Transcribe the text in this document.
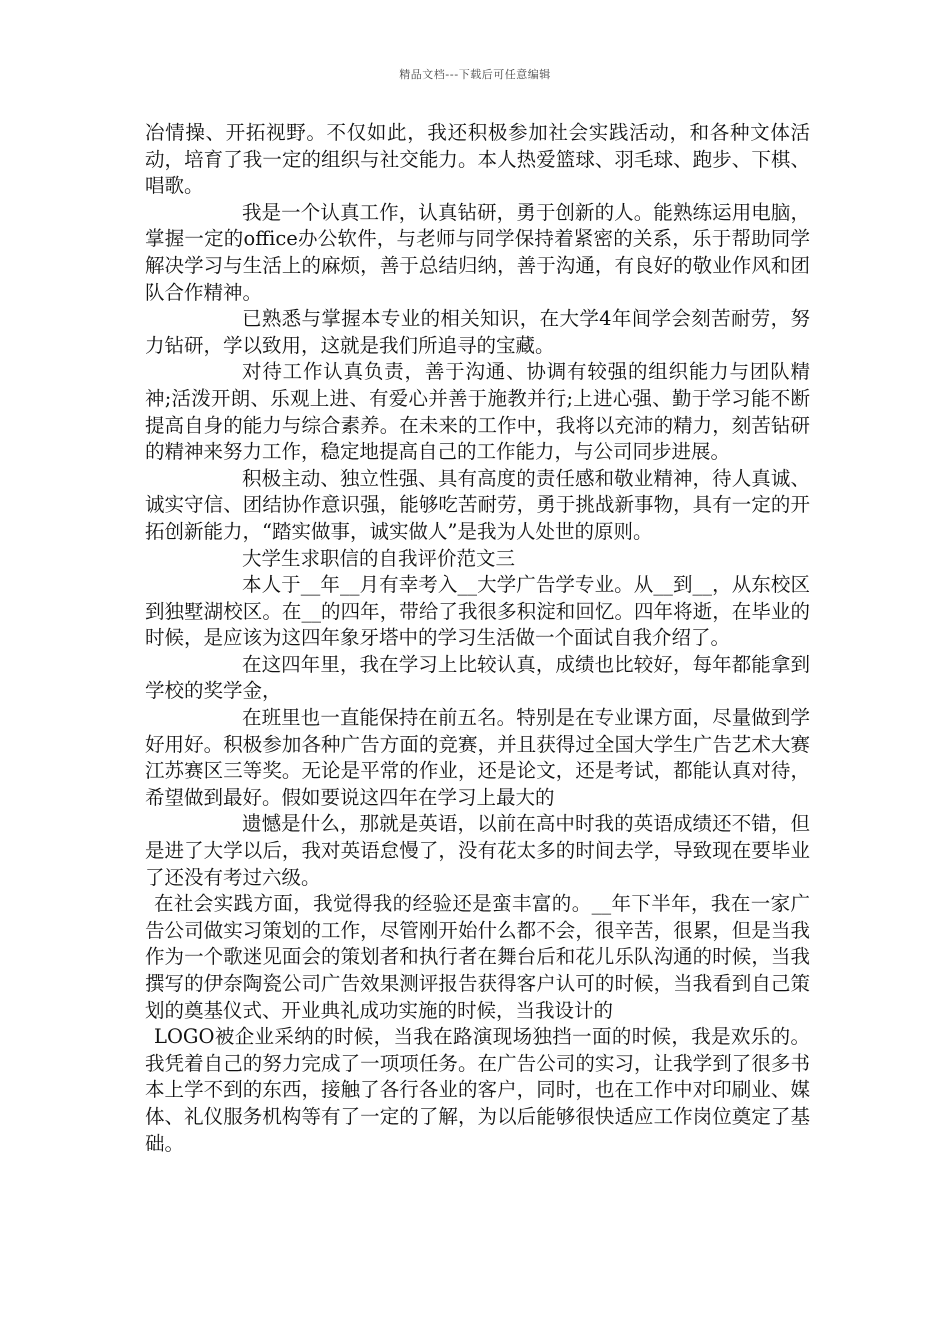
精品文档---下载后可任意编辑

冶情操、开拓视野。不仅如此，我还积极参加社会实践活动，和各种文体活动，培育了我一定的组织与社交能力。本人热爱篮球、羽毛球、跑步、下棋、唱歌。

我是一个认真工作，认真钻研，勇于创新的人。能熟练运用电脑，掌握一定的office办公软件，与老师与同学保持着紧密的关系，乐于帮助同学解决学习与生活上的麻烦，善于总结归纳，善于沟通，有良好的敬业作风和团队合作精神。

已熟悉与掌握本专业的相关知识，在大学4年间学会刻苦耐劳，努力钻研，学以致用，这就是我们所追寻的宝藏。

对待工作认真负责，善于沟通、协调有较强的组织能力与团队精神;活泼开朗、乐观上进、有爱心并善于施教并行;上进心强、勤于学习能不断提高自身的能力与综合素养。在未来的工作中，我将以充沛的精力，刻苦钻研的精神来努力工作，稳定地提高自己的工作能力，与公司同步进展。

积极主动、独立性强、具有高度的责任感和敬业精神，待人真诚、诚实守信、团结协作意识强，能够吃苦耐劳，勇于挑战新事物，具有一定的开拓创新能力，“踏实做事，诚实做人”是我为人处世的原则。

大学生求职信的自我评价范文三

本人于__年__月有幸考入__大学广告学专业。从__到__，从东校区到独墅湖校区。在__的四年，带给了我很多积淀和回忆。四年将逝，在毕业的时候，是应该为这四年象牙塔中的学习生活做一个面试自我介绍了。

在这四年里，我在学习上比较认真，成绩也比较好，每年都能拿到学校的奖学金，

在班里也一直能保持在前五名。特别是在专业课方面，尽量做到学好用好。积极参加各种广告方面的竞赛，并且获得过全国大学生广告艺术大赛江苏赛区三等奖。无论是平常的作业，还是论文，还是考试，都能认真对待，希望做到最好。假如要说这四年在学习上最大的

遗憾是什么，那就是英语，以前在高中时我的英语成绩还不错，但是进了大学以后，我对英语怠慢了，没有花太多的时间去学，导致现在要毕业了还没有考过六级。

在社会实践方面，我觉得我的经验还是蛮丰富的。__年下半年，我在一家广告公司做实习策划的工作，尽管刚开始什么都不会，很辛苦，很累，但是当我作为一个歌迷见面会的策划者和执行者在舞台后和花儿乐队沟通的时候，当我撰写的伊奈陶瓷公司广告效果测评报告获得客户认可的时候，当我看到自己策划的奠基仪式、开业典礼成功实施的时候，当我设计的

LOGO被企业采纳的时候，当我在路演现场独挡一面的时候，我是欢乐的。我凭着自己的努力完成了一项项任务。在广告公司的实习，让我学到了很多书本上学不到的东西，接触了各行各业的客户，同时，也在工作中对印刷业、媒体、礼仪服务机构等有了一定的了解，为以后能够很快适应工作岗位奠定了基础。
